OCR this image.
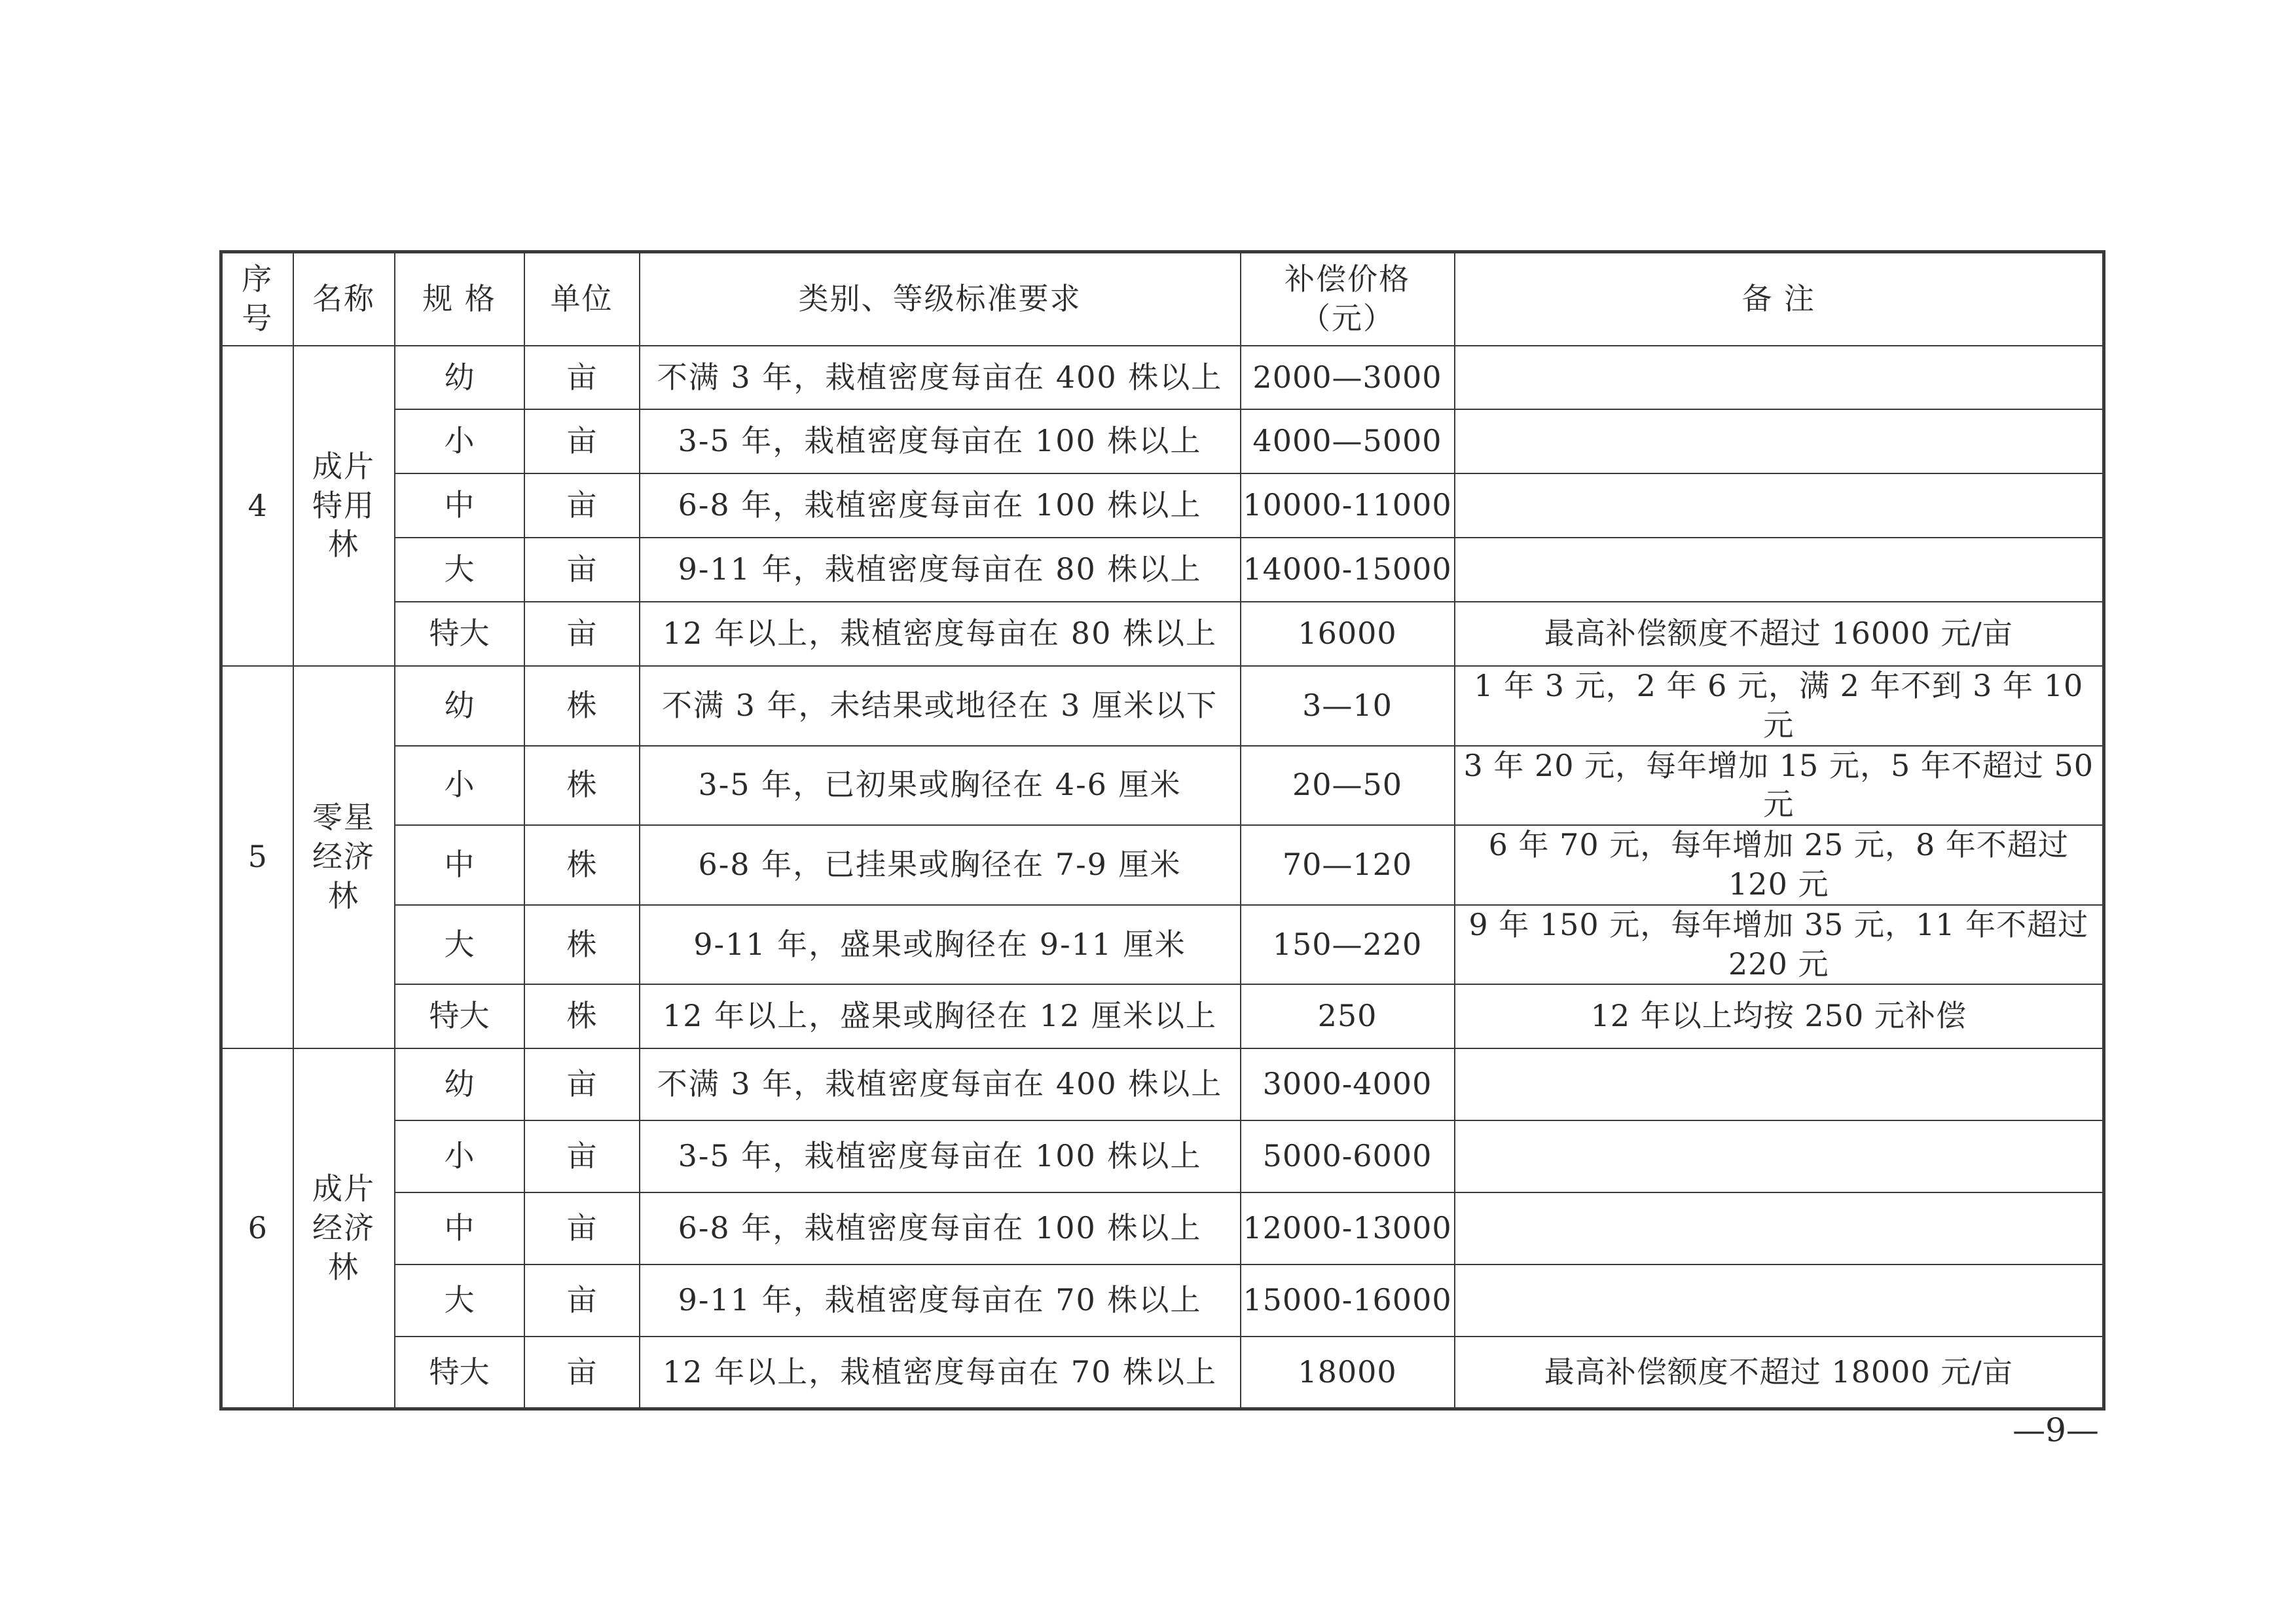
序号	名称	规 格	单位	类别、等级标准要求	补偿价格（元）	备 注
4	成片特用林	幼	亩	不满 3 年，栽植密度每亩在 400 株以上	2000—3000	
		小	亩	3-5 年，栽植密度每亩在 100 株以上	4000—5000	
		中	亩	6-8 年，栽植密度每亩在 100 株以上	10000-11000	
		大	亩	9-11 年，栽植密度每亩在 80 株以上	14000-15000	
		特大	亩	12 年以上，栽植密度每亩在 80 株以上	16000	最高补偿额度不超过 16000 元/亩
5	零星经济林	幼	株	不满 3 年，未结果或地径在 3 厘米以下	3—10	1 年 3 元，2 年 6 元，满 2 年不到 3 年 10 元
		小	株	3-5 年，已初果或胸径在 4-6 厘米	20—50	3 年 20 元，每年增加 15 元，5 年不超过 50 元
		中	株	6-8 年，已挂果或胸径在 7-9 厘米	70—120	6 年 70 元，每年增加 25 元，8 年不超过 120 元
		大	株	9-11 年，盛果或胸径在 9-11 厘米	150—220	9 年 150 元，每年增加 35 元，11 年不超过 220 元
		特大	株	12 年以上，盛果或胸径在 12 厘米以上	250	12 年以上均按 250 元补偿
6	成片经济林	幼	亩	不满 3 年，栽植密度每亩在 400 株以上	3000-4000	
		小	亩	3-5 年，栽植密度每亩在 100 株以上	5000-6000	
		中	亩	6-8 年，栽植密度每亩在 100 株以上	12000-13000	
		大	亩	9-11 年，栽植密度每亩在 70 株以上	15000-16000	
		特大	亩	12 年以上，栽植密度每亩在 70 株以上	18000	最高补偿额度不超过 18000 元/亩
—9—
